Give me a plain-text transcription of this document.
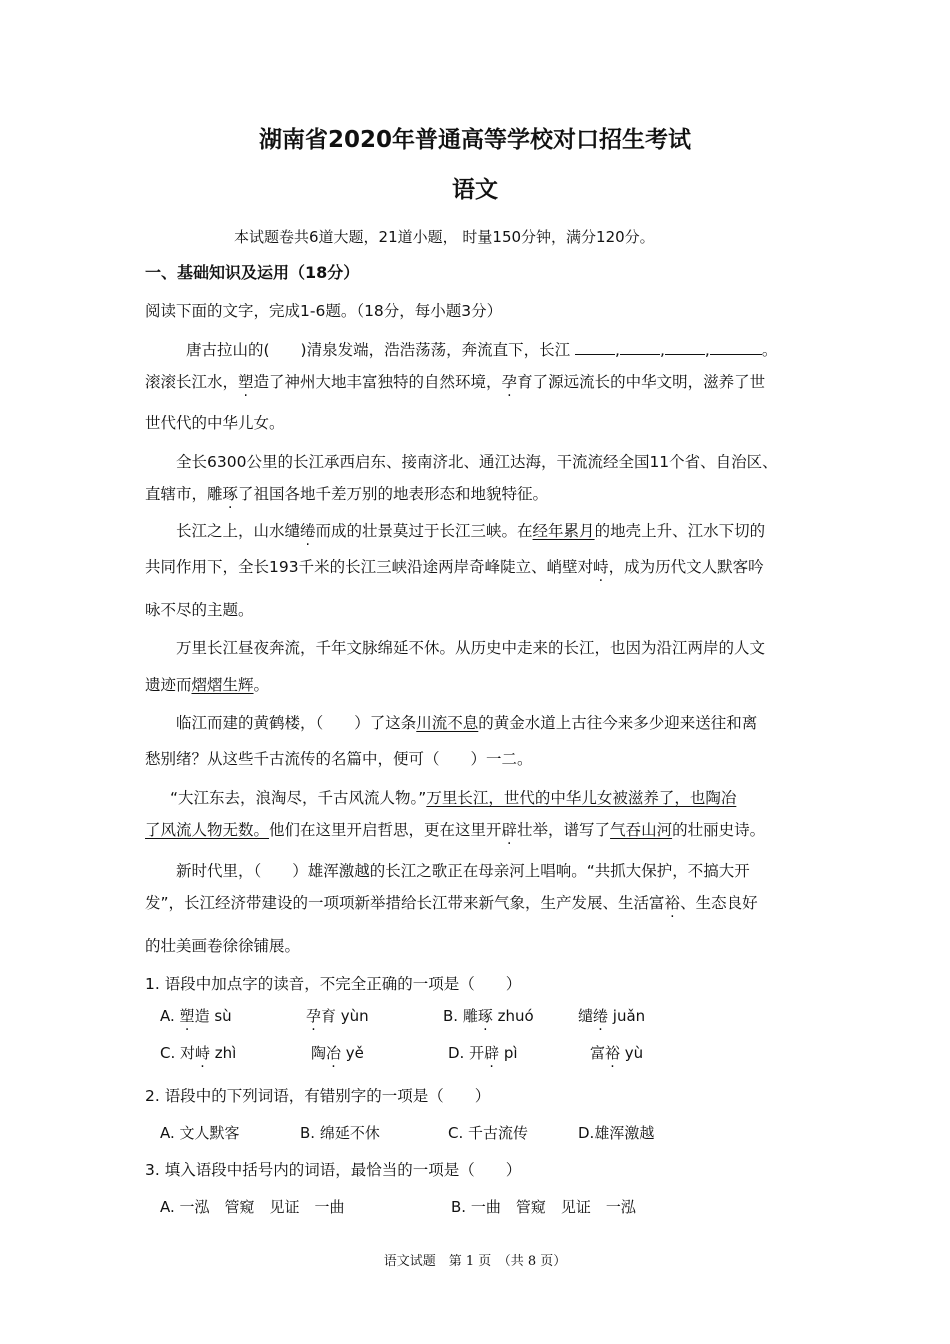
湖南省2020年普通高等学校对口招生考试
语文
本试题卷共6道大题，21道小题， 时量150分钟，满分120分。
一、基础知识及运用（18分）
阅读下面的文字，完成1-6题。（18分，每小题3分）
唐古拉山的(　　)清泉发端，浩浩荡荡，奔流直下，长江	,	,	,	。
滚滚长江水，塑造了神州大地丰富独特的自然环境，孕育了源远流长的中华文明，滋养了世
世代代的中华儿女。
全长6300公里的长江承西启东、接南济北、通江达海，干流流经全国11个省、自治区、
直辖市，雕琢了祖国各地千差万别的地表形态和地貌特征。
长江之上，山水缱绻而成的壮景莫过于长江三峡。在经年累月的地壳上升、江水下切的
共同作用下，全长193千米的长江三峡沿途两岸奇峰陡立、峭壁对峙，成为历代文人默客吟
咏不尽的主题。
万里长江昼夜奔流，千年文脉绵延不休。从历史中走来的长江，也因为沿江两岸的人文
遗迹而熠熠生辉。
临江而建的黄鹤楼，（　　）了这条川流不息的黄金水道上古往今来多少迎来送往和离
愁别绪？从这些千古流传的名篇中，便可（　　）一二。
“大江东去，浪淘尽，千古风流人物。”万里长江，世代的中华儿女被滋养了，也陶冶
了风流人物无数。他们在这里开启哲思，更在这里开辟壮举，谱写了气吞山河的壮丽史诗。
新时代里，（　　）雄浑激越的长江之歌正在母亲河上唱响。“共抓大保护，不搞大开
发”，长江经济带建设的一项项新举措给长江带来新气象，生产发展、生活富裕、生态良好
的壮美画卷徐徐铺展。
1. 语段中加点字的读音，不完全正确的一项是（　　）
A. 塑造 sù	孕育 yùn	B. 雕琢 zhuó	缱绻 juǎn
C. 对峙 zhì	陶冶 yě	D. 开辟 pì	富裕 yù
2. 语段中的下列词语，有错别字的一项是（　　）
A. 文人默客	B. 绵延不休	C. 千古流传	D.雄浑激越
3. 填入语段中括号内的词语，最恰当的一项是（　　）
A. 一泓　管窥　见证　一曲	B. 一曲　管窥　见证　一泓
语文试题　第 1 页　（共 8 页）
